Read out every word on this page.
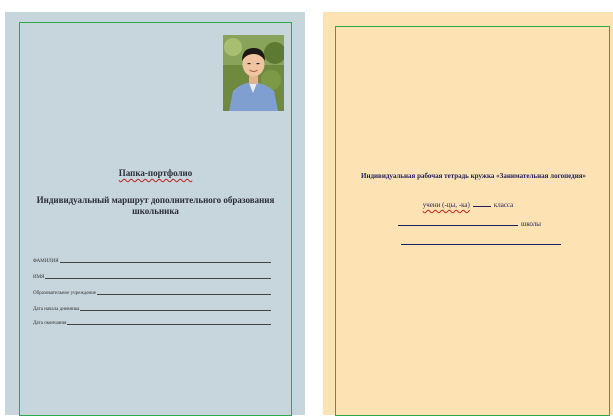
Папка-портфолио
Индивидуальный маршрут дополнительного образования школьника
ФАМИЛИЯ
ИМЯ
Образовательное учреждение
Дата начала дневника
Дата окончания
Индивидуальная рабочая тетрадь кружка «Занимательная логопедия»
учени (-цы, -ка)	класса
школы
